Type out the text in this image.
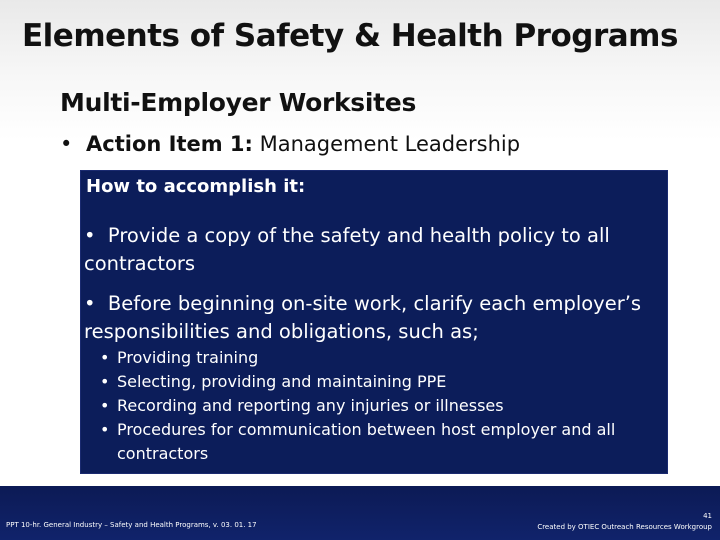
Elements of Safety & Health Programs
Multi-Employer Worksites
• Action Item 1: Management Leadership
How to accomplish it:
• Provide a copy of the safety and health policy to all
contractors
• Before beginning on-site work, clarify each employer’s
responsibilities and obligations, such as;
• Providing training
• Selecting, providing and maintaining PPE
• Recording and reporting any injuries or illnesses
• Procedures for communication between host employer and all
contractors
PPT 10-hr. General Industry – Safety and Health Programs, v. 03. 01. 17
41
Created by OTIEC Outreach Resources Workgroup
